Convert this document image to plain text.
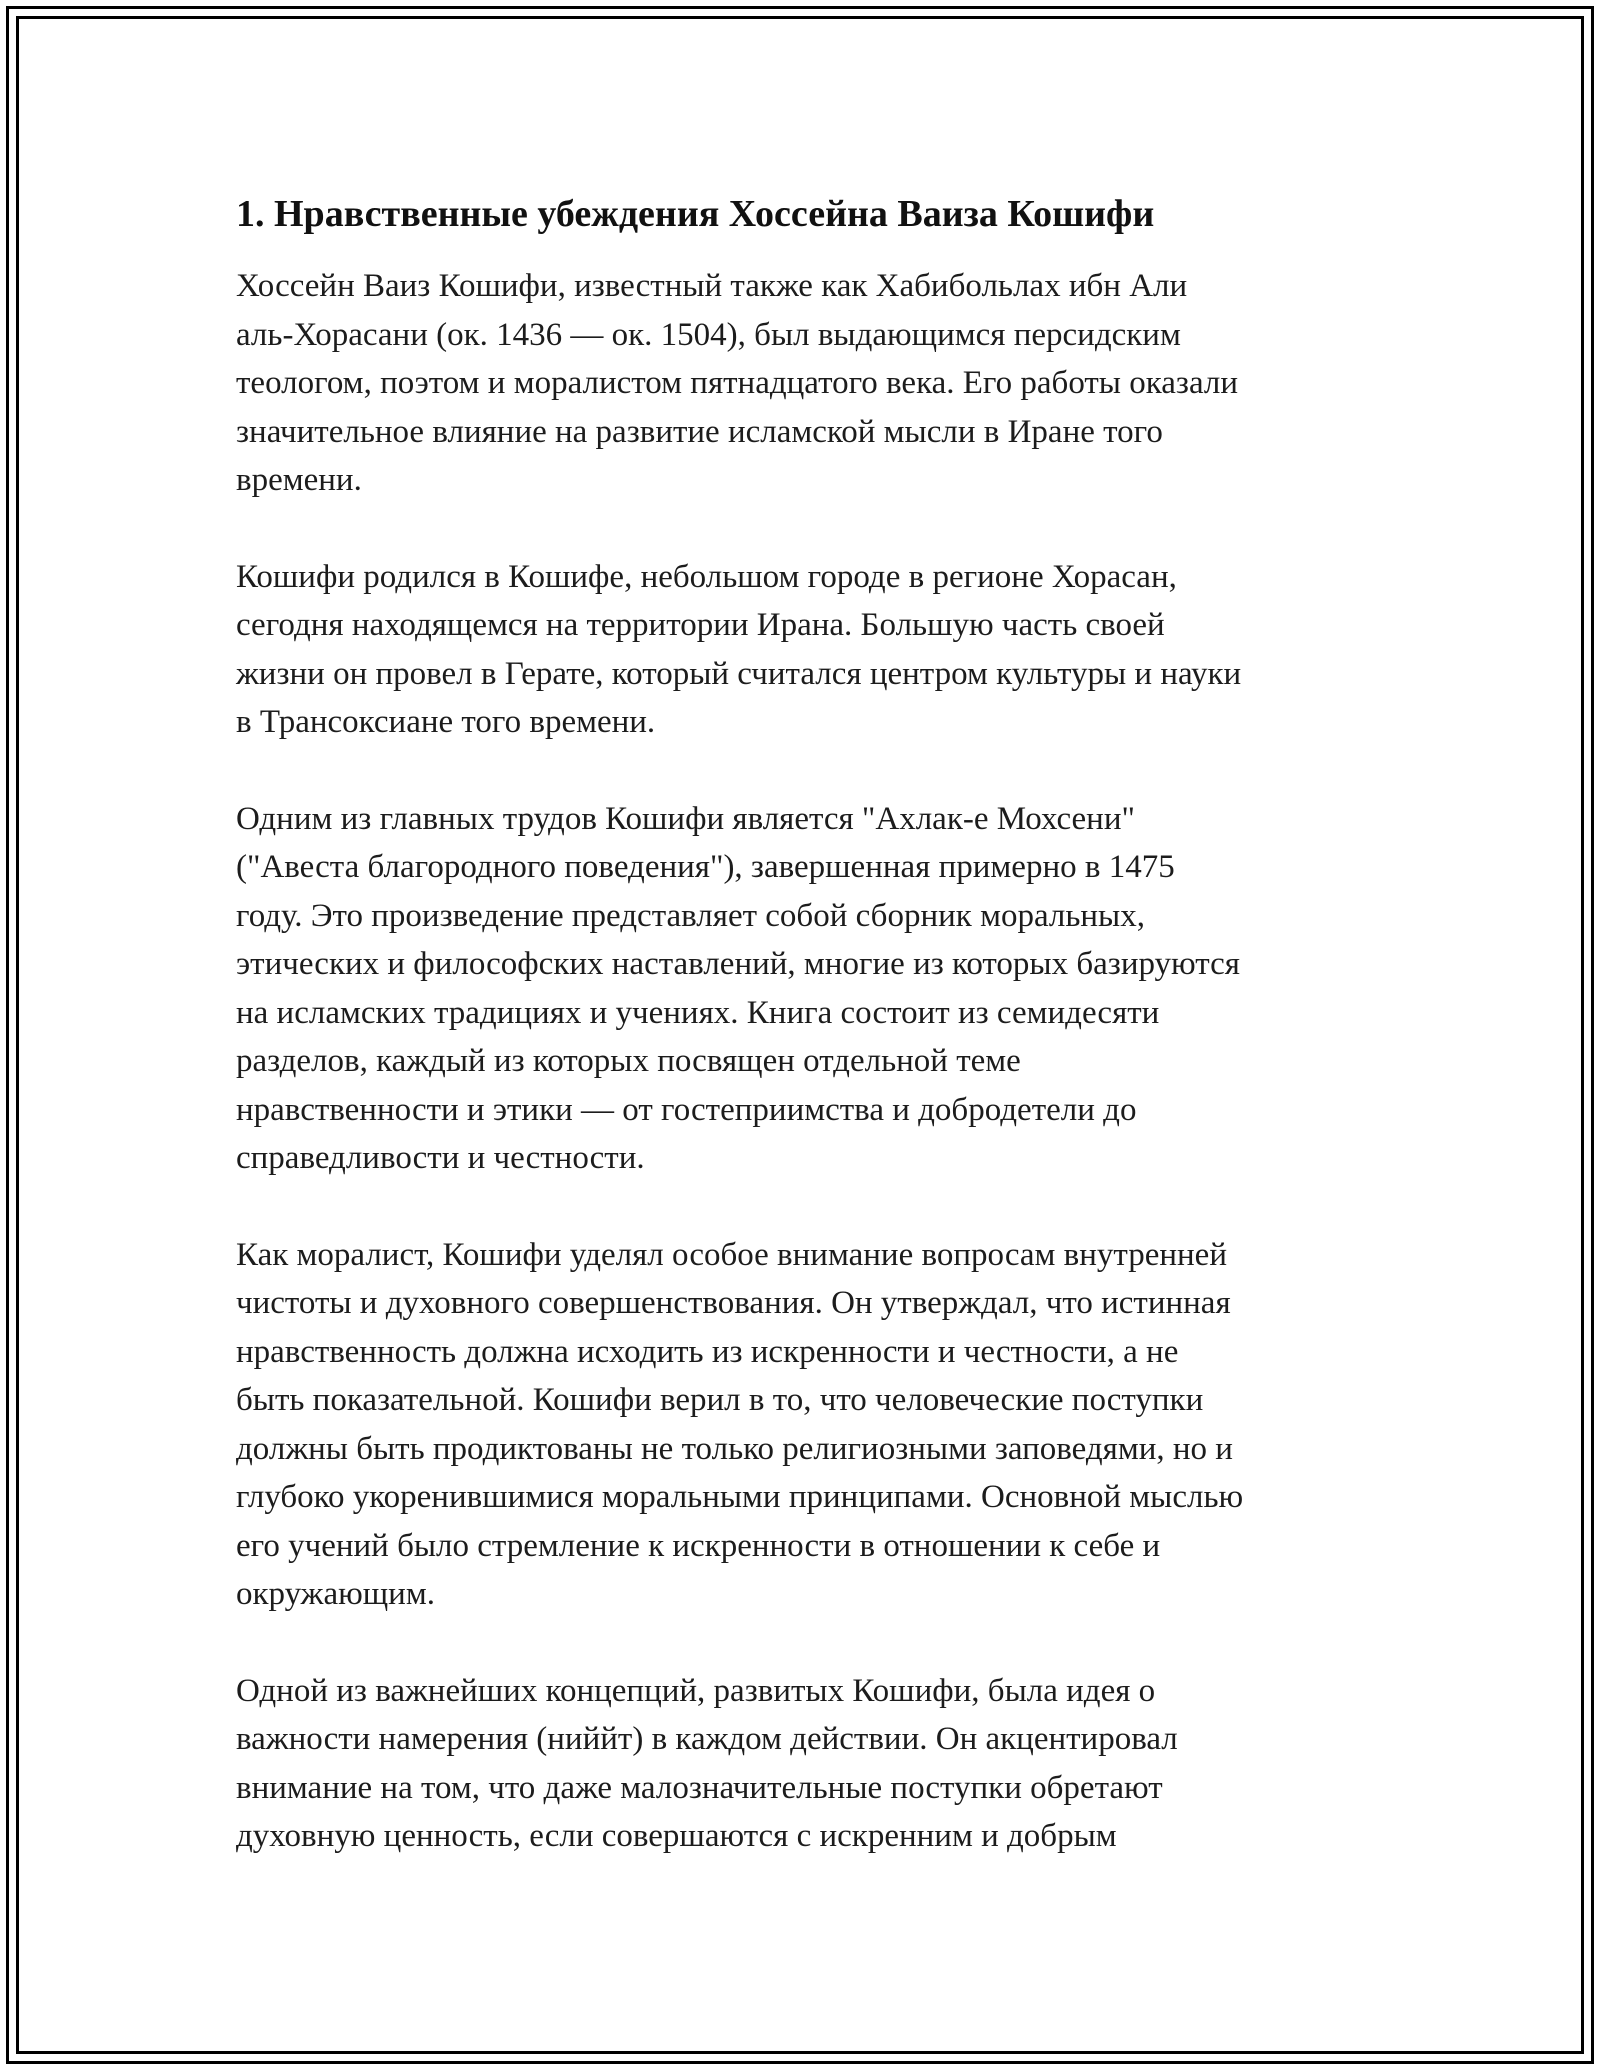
1. Нравственные убеждения Хоссейна Ваиза Кошифи

Хоссейн Ваиз Кошифи, известный также как Хабибольлах ибн Али
аль-Хорасани (ок. 1436 — ок. 1504), был выдающимся персидским
теологом, поэтом и моралистом пятнадцатого века. Его работы оказали
значительное влияние на развитие исламской мысли в Иране того
времени.

Кошифи родился в Кошифе, небольшом городе в регионе Хорасан,
сегодня находящемся на территории Ирана. Большую часть своей
жизни он провел в Герате, который считался центром культуры и науки
в Трансоксиане того времени.

Одним из главных трудов Кошифи является "Ахлак-е Мохсени"
("Авеста благородного поведения"), завершенная примерно в 1475
году. Это произведение представляет собой сборник моральных,
этических и философских наставлений, многие из которых базируются
на исламских традициях и учениях. Книга состоит из семидесяти
разделов, каждый из которых посвящен отдельной теме
нравственности и этики — от гостеприимства и добродетели до
справедливости и честности.

Как моралист, Кошифи уделял особое внимание вопросам внутренней
чистоты и духовного совершенствования. Он утверждал, что истинная
нравственность должна исходить из искренности и честности, а не
быть показательной. Кошифи верил в то, что человеческие поступки
должны быть продиктованы не только религиозными заповедями, но и
глубоко укоренившимися моральными принципами. Основной мыслью
его учений было стремление к искренности в отношении к себе и
окружающим.

Одной из важнейших концепций, развитых Кошифи, была идея о
важности намерения (ниййт) в каждом действии. Он акцентировал
внимание на том, что даже малозначительные поступки обретают
духовную ценность, если совершаются с искренним и добрым
